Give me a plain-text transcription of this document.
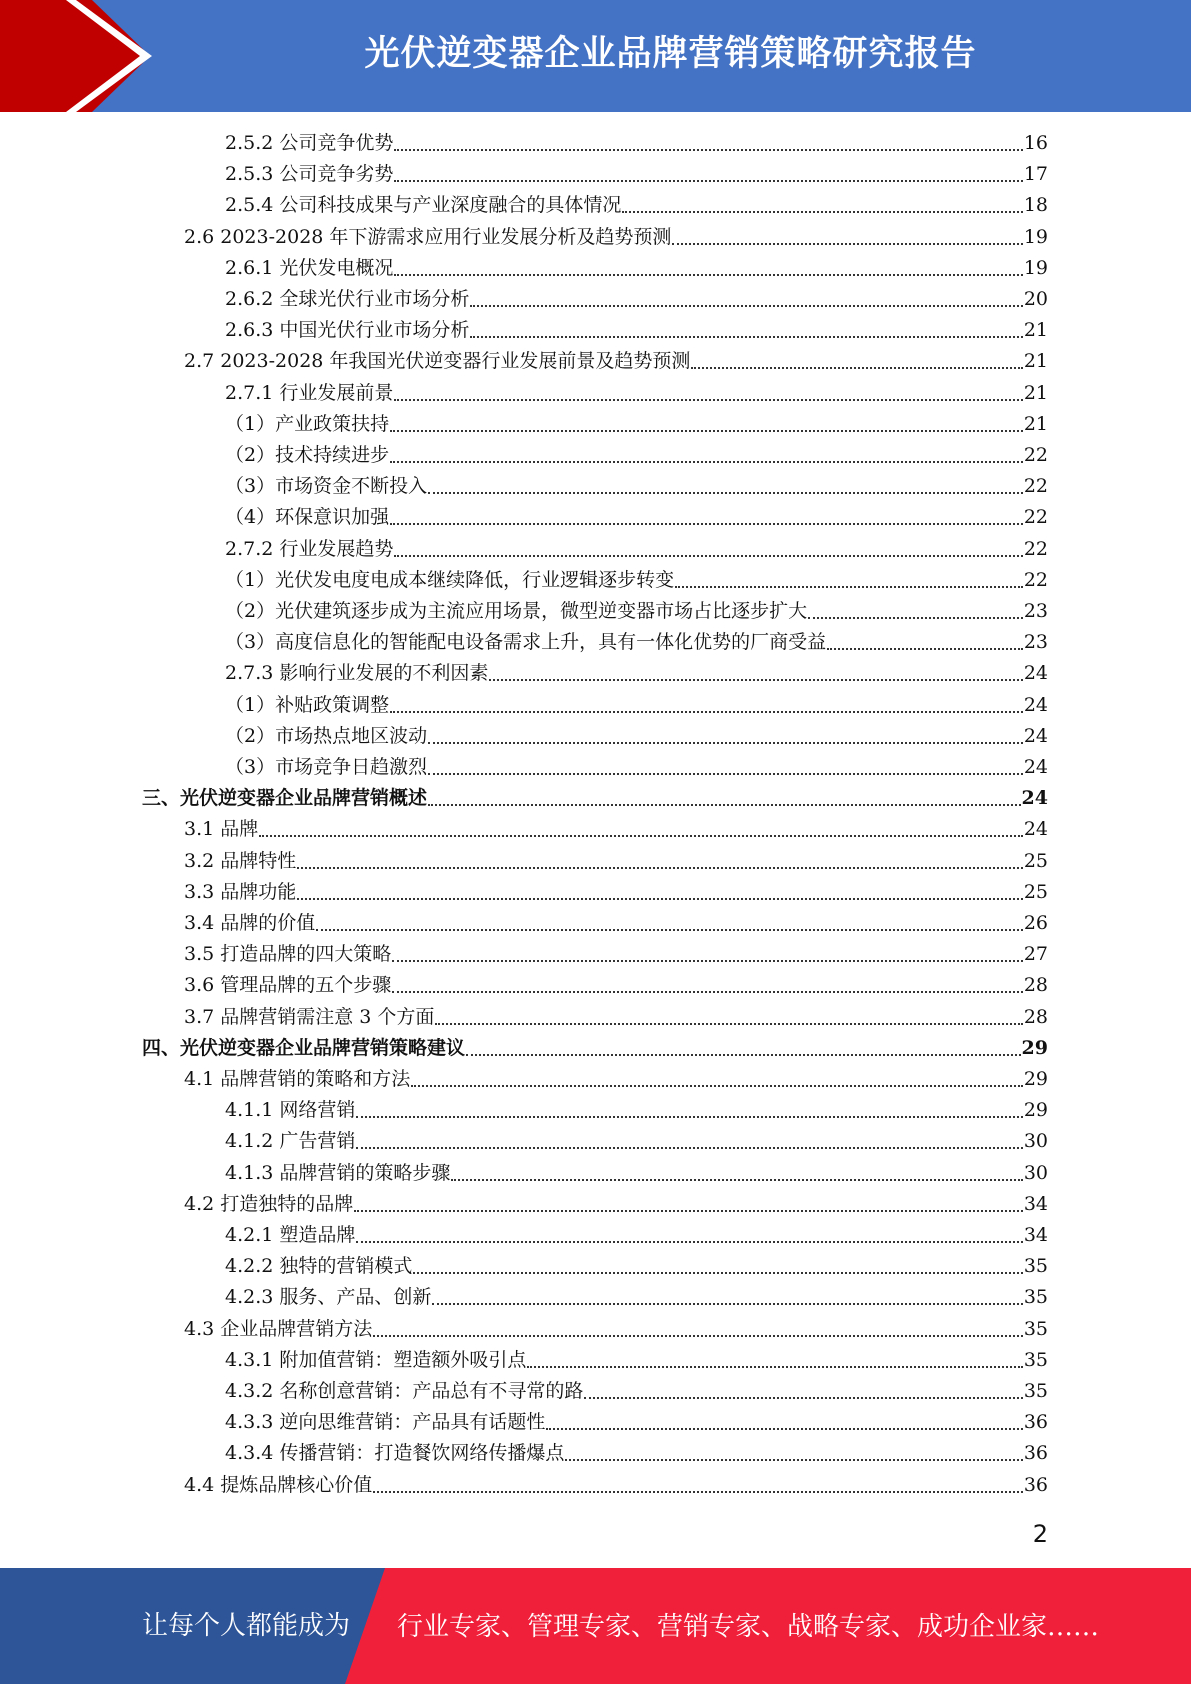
光伏逆变器企业品牌营销策略研究报告
2.5.2 公司竞争优势	16
2.5.3 公司竞争劣势	17
2.5.4 公司科技成果与产业深度融合的具体情况	18
2.6 2023-2028 年下游需求应用行业发展分析及趋势预测	19
2.6.1 光伏发电概况	19
2.6.2 全球光伏行业市场分析	20
2.6.3 中国光伏行业市场分析	21
2.7 2023-2028 年我国光伏逆变器行业发展前景及趋势预测	21
2.7.1 行业发展前景	21
（1）产业政策扶持	21
（2）技术持续进步	22
（3）市场资金不断投入	22
（4）环保意识加强	22
2.7.2 行业发展趋势	22
（1）光伏发电度电成本继续降低，行业逻辑逐步转变	22
（2）光伏建筑逐步成为主流应用场景，微型逆变器市场占比逐步扩大	23
（3）高度信息化的智能配电设备需求上升，具有一体化优势的厂商受益	23
2.7.3 影响行业发展的不利因素	24
（1）补贴政策调整	24
（2）市场热点地区波动	24
（3）市场竞争日趋激烈	24
三、光伏逆变器企业品牌营销概述	24
3.1 品牌	24
3.2 品牌特性	25
3.3 品牌功能	25
3.4 品牌的价值	26
3.5 打造品牌的四大策略	27
3.6 管理品牌的五个步骤	28
3.7 品牌营销需注意 3 个方面	28
四、光伏逆变器企业品牌营销策略建议	29
4.1 品牌营销的策略和方法	29
4.1.1 网络营销	29
4.1.2 广告营销	30
4.1.3 品牌营销的策略步骤	30
4.2 打造独特的品牌	34
4.2.1 塑造品牌	34
4.2.2 独特的营销模式	35
4.2.3 服务、产品、创新	35
4.3 企业品牌营销方法	35
4.3.1 附加值营销：塑造额外吸引点	35
4.3.2 名称创意营销：产品总有不寻常的路	35
4.3.3 逆向思维营销：产品具有话题性	36
4.3.4 传播营销：打造餐饮网络传播爆点	36
4.4 提炼品牌核心价值	36
2
让每个人都能成为 行业专家、管理专家、营销专家、战略专家、成功企业家……
